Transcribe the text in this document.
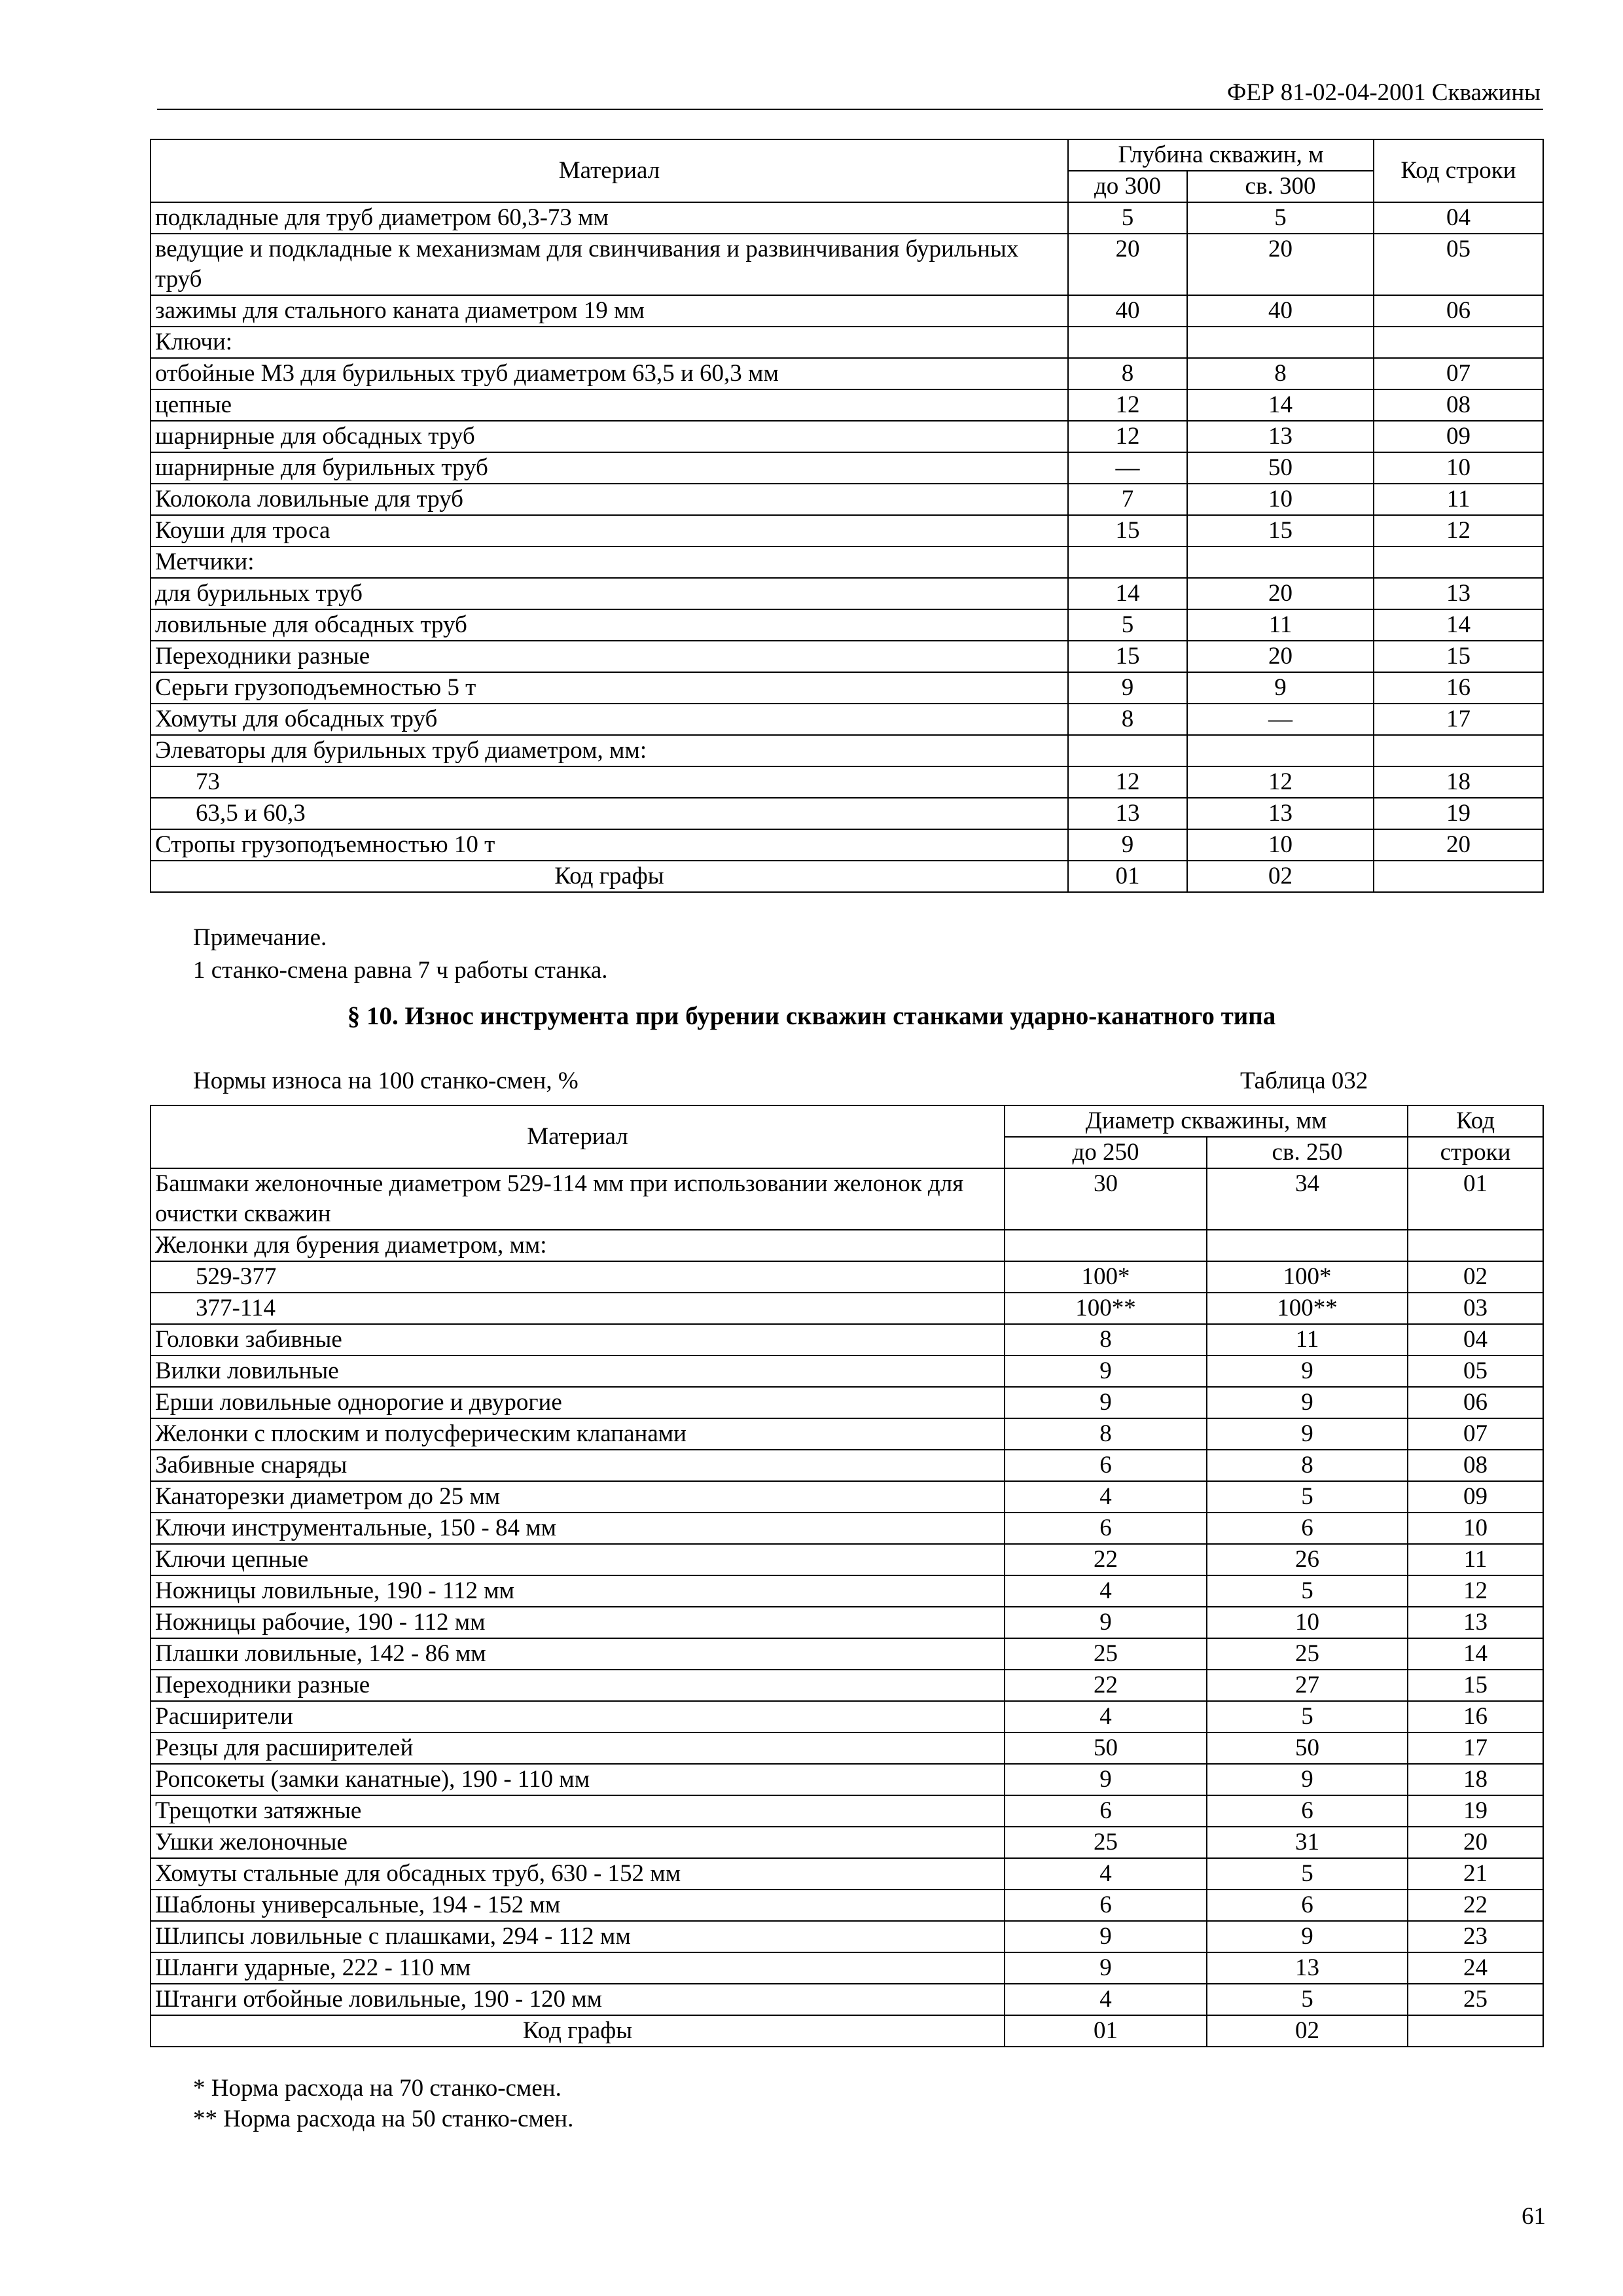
ФЕР 81-02-04-2001 Скважины
Материал	Глубина скважин, м		Код строки
	до 300	св. 300	
подкладные для труб диаметром 60,3-73 мм	5	5	04
ведущие и подкладные к механизмам для свинчивания и развинчивания бурильных труб	20	20	05
зажимы для стального каната диаметром 19 мм	40	40	06
Ключи:			
отбойные М3 для бурильных труб диаметром 63,5 и 60,3 мм	8	8	07
цепные	12	14	08
шарнирные для обсадных труб	12	13	09
шарнирные для бурильных труб	—	50	10
Колокола ловильные для труб	7	10	11
Коуши для троса	15	15	12
Метчики:			
для бурильных труб	14	20	13
ловильные для обсадных труб	5	11	14
Переходники разные	15	20	15
Серьги грузоподъемностью 5 т	9	9	16
Хомуты для обсадных труб	8	—	17
Элеваторы для бурильных труб диаметром, мм:			
73	12	12	18
63,5 и 60,3	13	13	19
Стропы грузоподъемностью 10 т	9	10	20
Код графы	01	02	
Примечание.
1 станко-смена равна 7 ч работы станка.
§ 10. Износ инструмента при бурении скважин станками ударно-канатного типа
Нормы износа на 100 станко-смен, %	Таблица 032
Материал	Диаметр скважины, мм		Код
	до 250	св. 250	строки
Башмаки желоночные диаметром 529-114 мм при использовании желонок для очистки скважин	30	34	01
Желонки для бурения диаметром, мм:			
529-377	100*	100*	02
377-114	100**	100**	03
Головки забивные	8	11	04
Вилки ловильные	9	9	05
Ерши ловильные однорогие и двурогие	9	9	06
Желонки с плоским и полусферическим клапанами	8	9	07
Забивные снаряды	6	8	08
Канаторезки диаметром до 25 мм	4	5	09
Ключи инструментальные, 150 - 84 мм	6	6	10
Ключи цепные	22	26	11
Ножницы ловильные, 190 - 112 мм	4	5	12
Ножницы рабочие, 190 - 112 мм	9	10	13
Плашки ловильные, 142 - 86 мм	25	25	14
Переходники разные	22	27	15
Расширители	4	5	16
Резцы для расширителей	50	50	17
Ропсокеты (замки канатные), 190 - 110 мм	9	9	18
Трещотки затяжные	6	6	19
Ушки желоночные	25	31	20
Хомуты стальные для обсадных труб, 630 - 152 мм	4	5	21
Шаблоны универсальные, 194 - 152 мм	6	6	22
Шлипсы ловильные с плашками, 294 - 112 мм	9	9	23
Шланги ударные, 222 - 110 мм	9	13	24
Штанги отбойные ловильные, 190 - 120 мм	4	5	25
Код графы	01	02	
* Норма расхода на 70 станко-смен.
** Норма расхода на 50 станко-смен.
61
